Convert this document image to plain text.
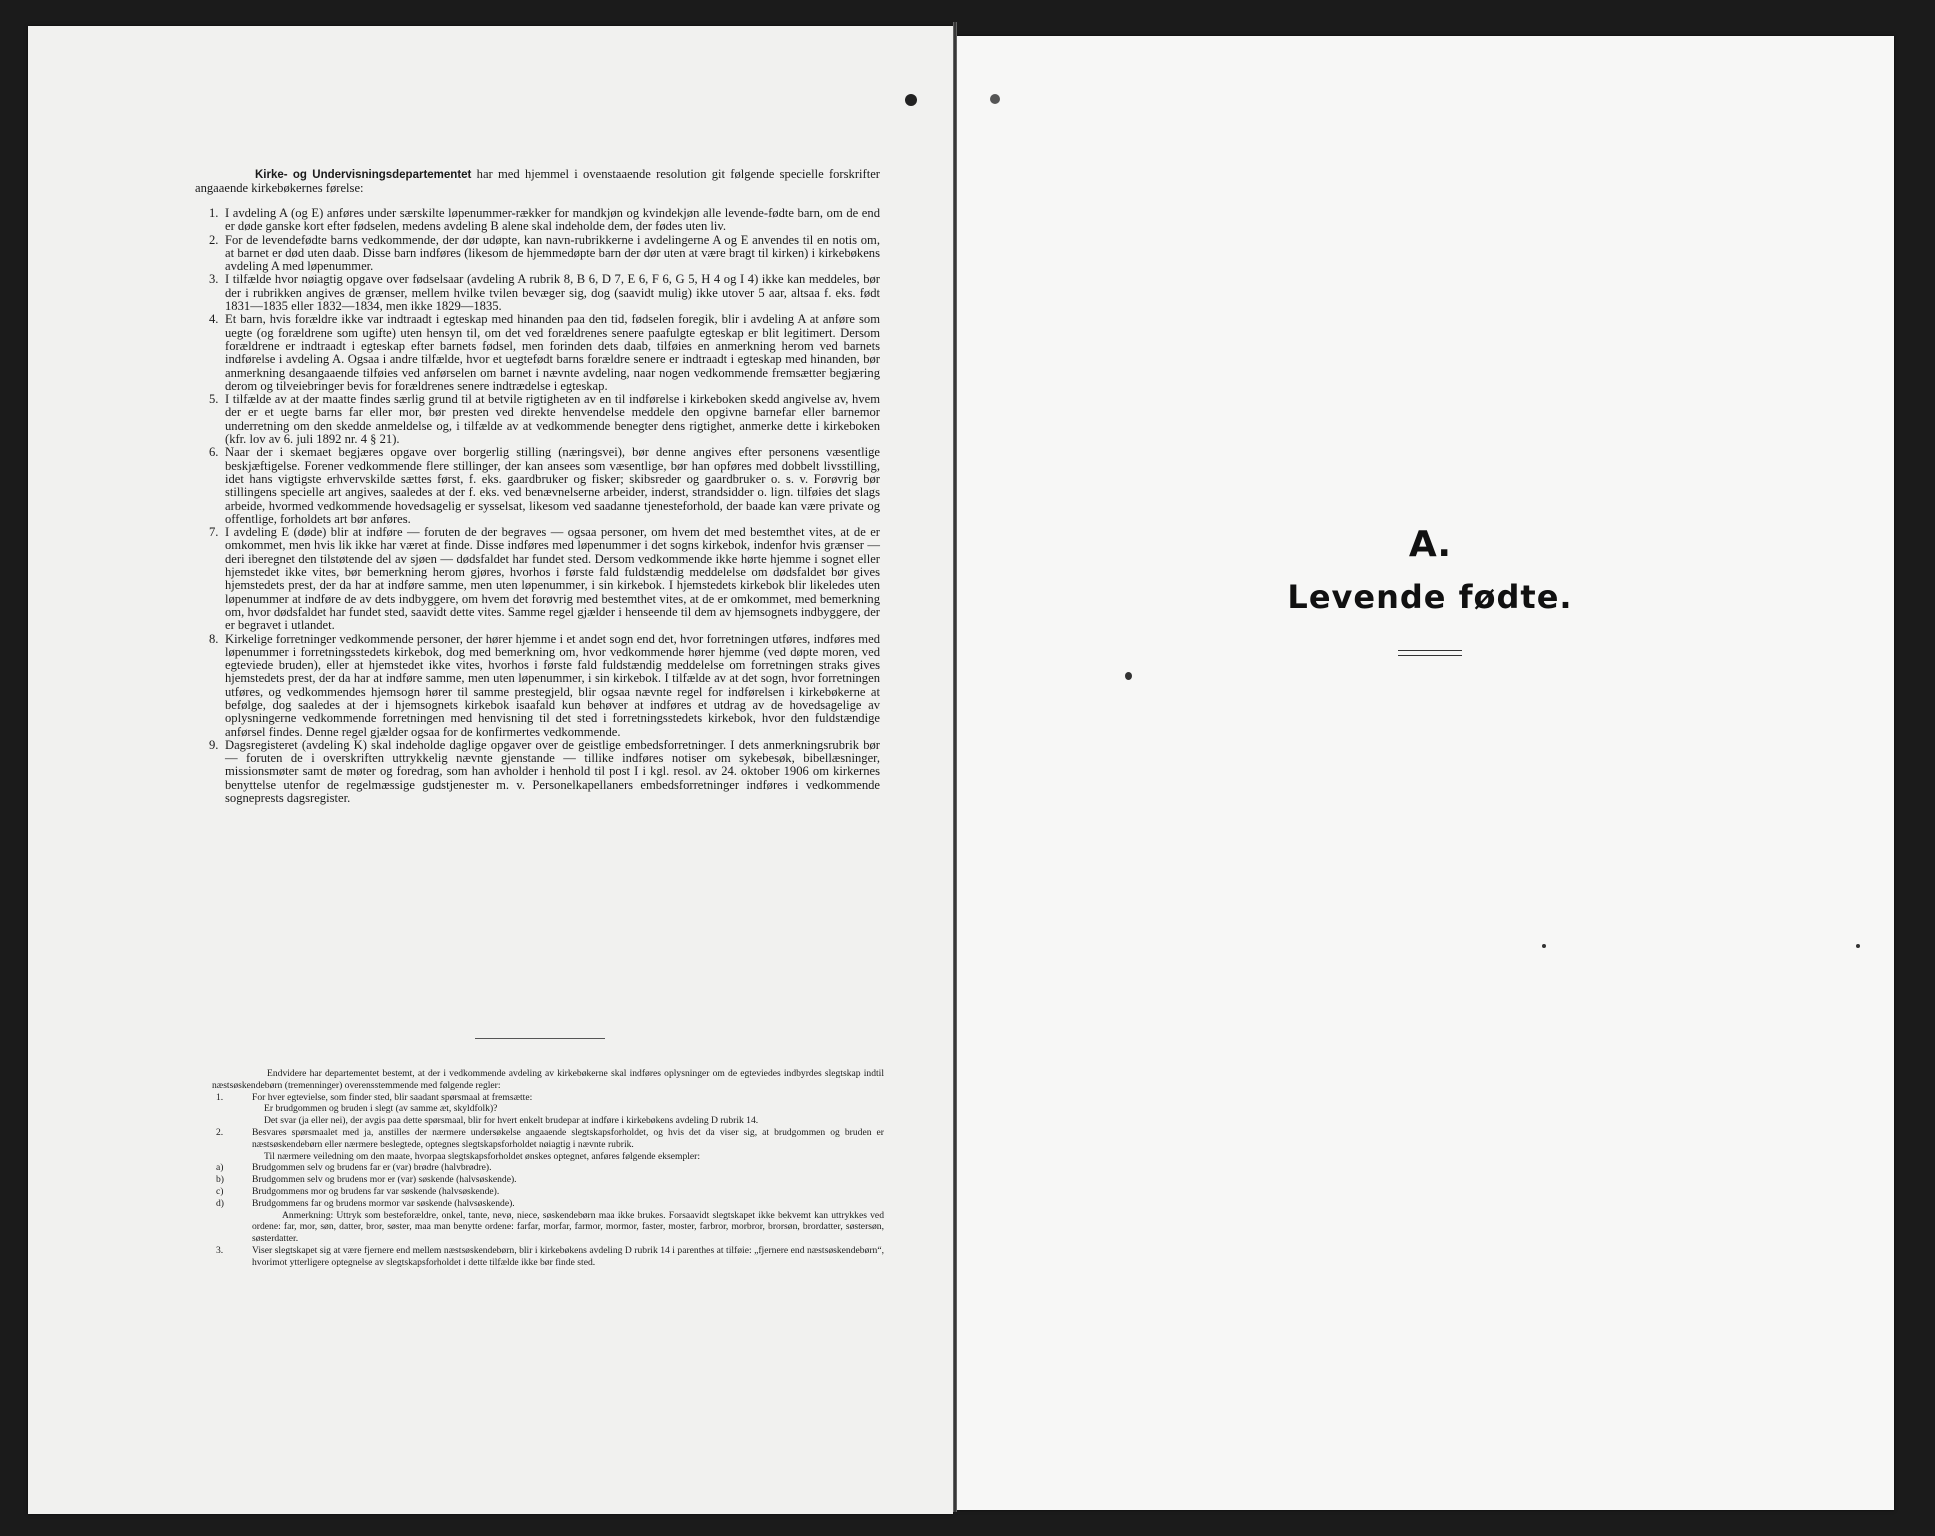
Kirke- og Undervisningsdepartementet har med hjemmel i ovenstaaende resolution git følgende specielle forskrifter angaaende kirkebøkernes førelse:

1. I avdeling A (og E) anføres under særskilte løpenummer-rækker for mandkjøn og kvindekjøn alle levende-fødte barn, om de end er døde ganske kort efter fødselen, medens avdeling B alene skal indeholde dem, der fødes uten liv.
2. For de levendefødte barns vedkommende, der dør udøpte, kan navn-rubrikkerne i avdelingerne A og E anvendes til en notis om, at barnet er død uten daab. Disse barn indføres (likesom de hjemmedøpte barn der dør uten at være bragt til kirken) i kirkebøkens avdeling A med løpenummer.
3. I tilfælde hvor nøiagtig opgave over fødselsaar (avdeling A rubrik 8, B 6, D 7, E 6, F 6, G 5, H 4 og I 4) ikke kan meddeles, bør der i rubrikken angives de grænser, mellem hvilke tvilen bevæger sig, dog (saavidt mulig) ikke utover 5 aar, altsaa f. eks. født 1831—1835 eller 1832—1834, men ikke 1829—1835.
4. Et barn, hvis forældre ikke var indtraadt i egteskap med hinanden paa den tid, fødselen foregik, blir i avdeling A at anføre som uegte (og forældrene som ugifte) uten hensyn til, om det ved forældrenes senere paafulgte egteskap er blit legitimert. Dersom forældrene er indtraadt i egteskap efter barnets fødsel, men forinden dets daab, tilføies en anmerkning herom ved barnets indførelse i avdeling A. Ogsaa i andre tilfælde, hvor et uegtefødt barns forældre senere er indtraadt i egteskap med hinanden, bør anmerkning desangaaende tilføies ved anførselen om barnet i nævnte avdeling, naar nogen vedkommende fremsætter begjæring derom og tilveiebringer bevis for forældrenes senere indtrædelse i egteskap.
5. I tilfælde av at der maatte findes særlig grund til at betvile rigtigheten av en til indførelse i kirkeboken skedd angivelse av, hvem der er et uegte barns far eller mor, bør presten ved direkte henvendelse meddele den opgivne barnefar eller barnemor underretning om den skedde anmeldelse og, i tilfælde av at vedkommende benegter dens rigtighet, anmerke dette i kirkeboken (kfr. lov av 6. juli 1892 nr. 4 § 21).
6. Naar der i skemaet begjæres opgave over borgerlig stilling (næringsvei), bør denne angives efter personens væsentlige beskjæftigelse. Forener vedkommende flere stillinger, der kan ansees som væsentlige, bør han opføres med dobbelt livsstilling, idet hans vigtigste erhvervskilde sættes først, f. eks. gaardbruker og fisker; skibsreder og gaardbruker o. s. v. Forøvrig bør stillingens specielle art angives, saaledes at der f. eks. ved benævnelserne arbeider, inderst, strandsidder o. lign. tilføies det slags arbeide, hvormed vedkommende hovedsagelig er sysselsat, likesom ved saadanne tjenesteforhold, der baade kan være private og offentlige, forholdets art bør anføres.
7. I avdeling E (døde) blir at indføre — foruten de der begraves — ogsaa personer, om hvem det med bestemthet vites, at de er omkommet, men hvis lik ikke har været at finde. Disse indføres med løpenummer i det sogns kirkebok, indenfor hvis grænser — deri iberegnet den tilstøtende del av sjøen — dødsfaldet har fundet sted. Dersom vedkommende ikke hørte hjemme i sognet eller hjemstedet ikke vites, bør bemerkning herom gjøres, hvorhos i første fald fuldstændig meddelelse om dødsfaldet bør gives hjemstedets prest, der da har at indføre samme, men uten løpenummer, i sin kirkebok. I hjemstedets kirkebok blir likeledes uten løpenummer at indføre de av dets indbyggere, om hvem det forøvrig med bestemthet vites, at de er omkommet, med bemerkning om, hvor dødsfaldet har fundet sted, saavidt dette vites. Samme regel gjælder i henseende til dem av hjemsognets indbyggere, der er begravet i utlandet.
8. Kirkelige forretninger vedkommende personer, der hører hjemme i et andet sogn end det, hvor forretningen utføres, indføres med løpenummer i forretningsstedets kirkebok, dog med bemerkning om, hvor vedkommende hører hjemme (ved døpte moren, ved egteviede bruden), eller at hjemstedet ikke vites, hvorhos i første fald fuldstændig meddelelse om forretningen straks gives hjemstedets prest, der da har at indføre samme, men uten løpenummer, i sin kirkebok. I tilfælde av at det sogn, hvor forretningen utføres, og vedkommendes hjemsogn hører til samme prestegjeld, blir ogsaa nævnte regel for indførelsen i kirkebøkerne at befølge, dog saaledes at der i hjemsognets kirkebok isaafald kun behøver at indføres et utdrag av de hovedsagelige av oplysningerne vedkommende forretningen med henvisning til det sted i forretningsstedets kirkebok, hvor den fuldstændige anførsel findes. Denne regel gjælder ogsaa for de konfirmertes vedkommende.
9. Dagsregisteret (avdeling K) skal indeholde daglige opgaver over de geistlige embedsforretninger. I dets anmerkningsrubrik bør — foruten de i overskriften uttrykkelig nævnte gjenstande — tillike indføres notiser om sykebesøk, bibellæsninger, missionsmøter samt de møter og foredrag, som han avholder i henhold til post I i kgl. resol. av 24. oktober 1906 om kirkernes benyttelse utenfor de regelmæssige gudstjenester m. v. Personelkapellaners embedsforretninger indføres i vedkommende sogneprests dagsregister.

Endvidere har departementet bestemt, at der i vedkommende avdeling av kirkebøkerne skal indføres oplysninger om de egteviedes indbyrdes slegtskap indtil næstsøskendebørn (tremenninger) overensstemmende med følgende regler:

1.	For hver egtevielse, som finder sted, blir saadant spørsmaal at fremsætte:

Er brudgommen og bruden i slegt (av samme æt, skyldfolk)?

Det svar (ja eller nei), der avgis paa dette spørsmaal, blir for hvert enkelt brudepar at indføre i kirkebøkens avdeling D rubrik 14.

2.	Besvares spørsmaalet med ja, anstilles der nærmere undersøkelse angaaende slegtskapsforholdet, og hvis det da viser sig, at brudgommen og bruden er næstsøskendebørn eller nærmere beslegtede, optegnes slegtskapsforholdet nøiagtig i nævnte rubrik.

Til nærmere veiledning om den maate, hvorpaa slegtskapsforholdet ønskes optegnet, anføres følgende eksempler:

a)	Brudgommen selv og brudens far er (var) brødre (halvbrødre).

b)	Brudgommen selv og brudens mor er (var) søskende (halvsøskende).

c)	Brudgommens mor og brudens far var søskende (halvsøskende).

d)	Brudgommens far og brudens mormor var søskende (halvsøskende).

Anmerkning: Uttryk som besteforældre, onkel, tante, nevø, niece, søskendebørn maa ikke brukes. Forsaavidt slegtskapet ikke bekvemt kan uttrykkes ved ordene: far, mor, søn, datter, bror, søster, maa man benytte ordene: farfar, morfar, farmor, mormor, faster, moster, farbror, morbror, brorsøn, brordatter, søstersøn, søsterdatter.

3.	Viser slegtskapet sig at være fjernere end mellem næstsøskendebørn, blir i kirkebøkens avdeling D rubrik 14 i parenthes at tilføie: „fjernere end næstsøskendebørn“, hvorimot ytterligere optegnelse av slegtskapsforholdet i dette tilfælde ikke bør finde sted.

A.
Levende fødte.
